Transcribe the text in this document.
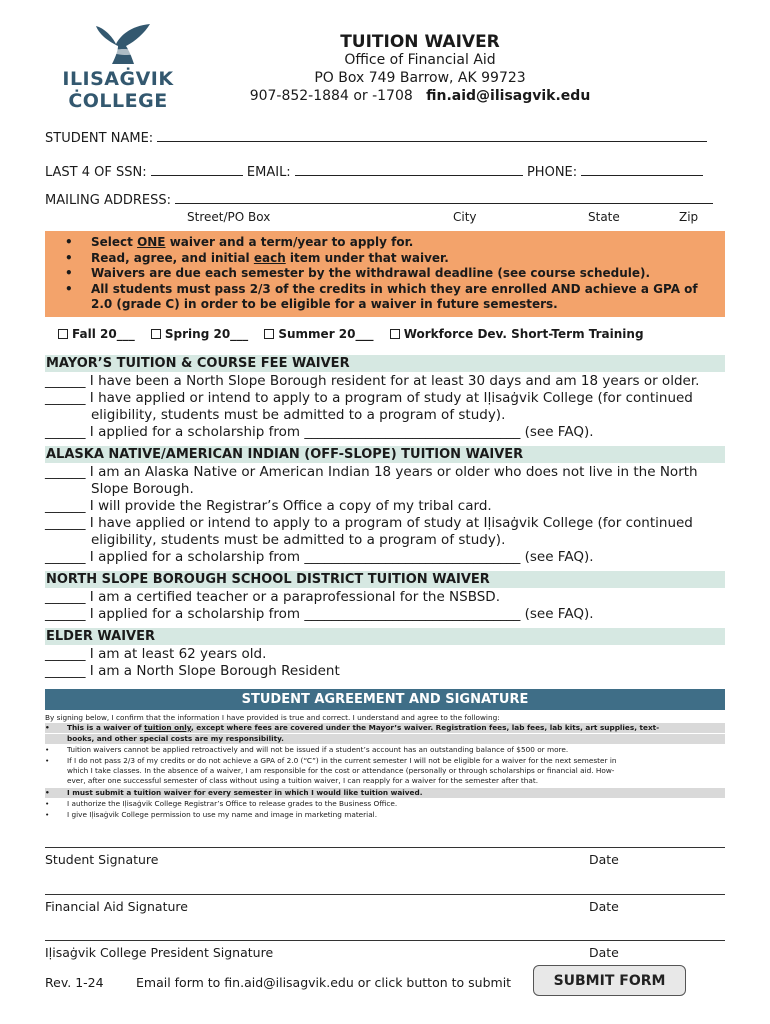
ILISAĠVIK
ĊOLLEGE
TUITION WAIVER
Office of Financial Aid
PO Box 749 Barrow, AK 99723
907-852-1884 or -1708 fin.aid@ilisagvik.edu
STUDENT NAME:
LAST 4 OF SSN:	EMAIL:	PHONE:
MAILING ADDRESS:
Street/PO Box	City	State	Zip
• Select ONE waiver and a term/year to apply for.
• Read, agree, and initial each item under that waiver.
• Waivers are due each semester by the withdrawal deadline (see course schedule).
• All students must pass 2/3 of the credits in which they are enrolled AND achieve a GPA of 2.0 (grade C) in order to be eligible for a waiver in future semesters.
Fall 20___	Spring 20___	Summer 20___	Workforce Dev. Short-Term Training
MAYOR’S TUITION & COURSE FEE WAIVER
______ I have been a North Slope Borough resident for at least 30 days and am 18 years or older.
______ I have applied or intend to apply to a program of study at Iḷisaġvik College (for continued
eligibility, students must be admitted to a program of study).
______ I applied for a scholarship from ________________________________ (see FAQ).
ALASKA NATIVE/AMERICAN INDIAN (OFF-SLOPE) TUITION WAIVER
______ I am an Alaska Native or American Indian 18 years or older who does not live in the North
Slope Borough.
______ I will provide the Registrar’s Office a copy of my tribal card.
______ I have applied or intend to apply to a program of study at Iḷisaġvik College (for continued
eligibility, students must be admitted to a program of study).
______ I applied for a scholarship from ________________________________ (see FAQ).
NORTH SLOPE BOROUGH SCHOOL DISTRICT TUITION WAIVER
______ I am a certified teacher or a paraprofessional for the NSBSD.
______ I applied for a scholarship from ________________________________ (see FAQ).
ELDER WAIVER
______ I am at least 62 years old.
______ I am a North Slope Borough Resident
STUDENT AGREEMENT AND SIGNATURE
By signing below, I confirm that the information I have provided is true and correct. I understand and agree to the following:
•	This is a waiver of tuition only, except where fees are covered under the Mayor’s waiver. Registration fees, lab fees, lab kits, art supplies, text-
books, and other special costs are my responsibility.
•	Tuition waivers cannot be applied retroactively and will not be issued if a student’s account has an outstanding balance of $500 or more.
•	If I do not pass 2/3 of my credits or do not achieve a GPA of 2.0 (“C”) in the current semester I will not be eligible for a waiver for the next semester in
which I take classes. In the absence of a waiver, I am responsible for the cost or attendance (personally or through scholarships or financial aid. How-
ever, after one successful semester of class without using a tuition waiver, I can reapply for a waiver for the semester after that.
•	I must submit a tuition waiver for every semester in which I would like tuition waived.
•	I authorize the Iḷisaġvik College Registrar’s Office to release grades to the Business Office.
•	I give Iḷisaġvik College permission to use my name and image in marketing material.
Student Signature	Date
Financial Aid Signature	Date
Iḷisaġvik College President Signature	Date
Rev. 1-24	Email form to fin.aid@ilisagvik.edu or click button to submit	SUBMIT FORM
